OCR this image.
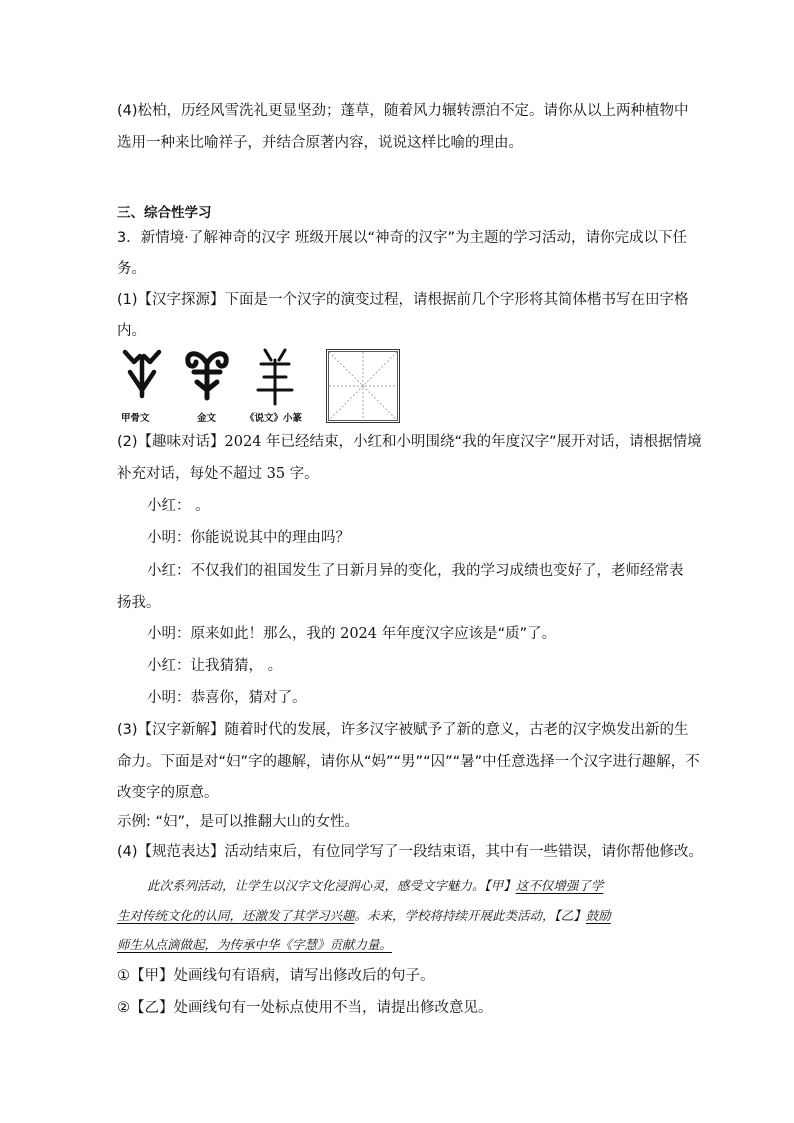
(4)松柏，历经风雪洗礼更显坚劲；蓬草，随着风力辗转漂泊不定。请你从以上两种植物中
选用一种来比喻祥子，并结合原著内容，说说这样比喻的理由。
三、综合性学习
3．新情境·了解神奇的汉字 班级开展以“神奇的汉字”为主题的学习活动，请你完成以下任
务。
(1)【汉字探源】下面是一个汉字的演变过程，请根据前几个字形将其简体楷书写在田字格
内。
甲骨文	金文	《说文》小篆
(2)【趣味对话】2024 年已经结束，小红和小明围绕“我的年度汉字”展开对话，请根据情境
补充对话，每处不超过 35 字。
小红： 。
小明：你能说说其中的理由吗？
小红：不仅我们的祖国发生了日新月异的变化，我的学习成绩也变好了，老师经常表
扬我。
小明：原来如此！那么，我的 2024 年年度汉字应该是“质”了。
小红：让我猜猜， 。
小明：恭喜你，猜对了。
(3)【汉字新解】随着时代的发展，许多汉字被赋予了新的意义，古老的汉字焕发出新的生
命力。下面是对“妇”字的趣解，请你从“妈”“男”“囚”“暑”中任意选择一个汉字进行趣解，不
改变字的原意。
示例: “妇”，是可以推翻大山的女性。
(4)【规范表达】活动结束后，有位同学写了一段结束语，其中有一些错误，请你帮他修改。
此次系列活动，让学生以汉字文化浸润心灵，感受文字魅力。【甲】这不仅增强了学
生对传统文化的认同，还激发了其学习兴趣。未来，学校将持续开展此类活动，【乙】鼓励
师生从点滴做起，为传承中华《字慧》贡献力量。
①【甲】处画线句有语病，请写出修改后的句子。
②【乙】处画线句有一处标点使用不当，请提出修改意见。
